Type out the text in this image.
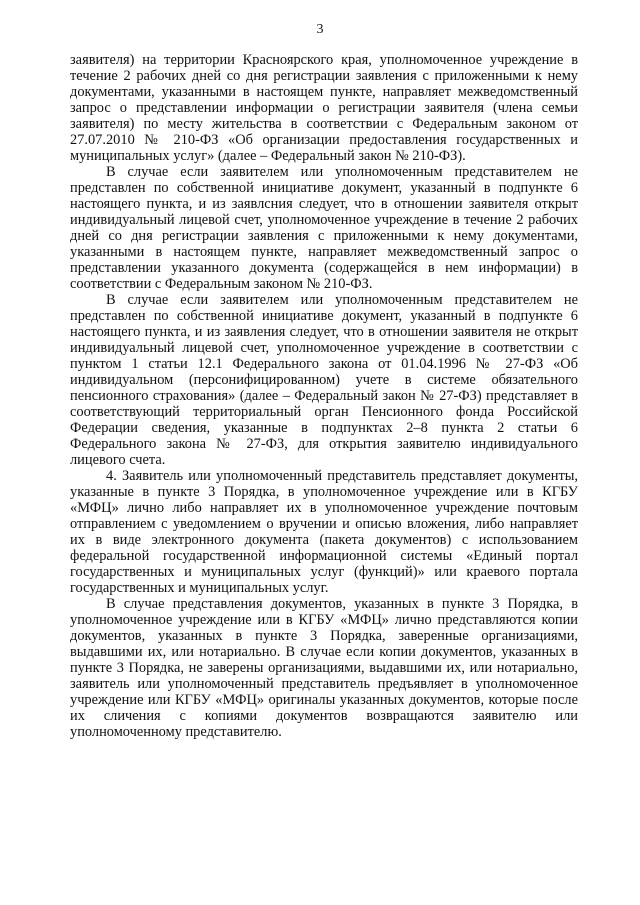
3

заявителя) на территории Красноярского края, уполномоченное учреждение в течение 2 рабочих дней со дня регистрации заявления с приложенными к нему документами, указанными в настоящем пункте, направляет межведомственный запрос о представлении информации о регистрации заявителя (члена семьи заявителя) по месту жительства в соответствии с Федеральным законом от 27.07.2010 № 210-ФЗ «Об организации предоставления государственных и муниципальных услуг» (далее – Федеральный закон № 210-ФЗ).

В случае если заявителем или уполномоченным представителем не представлен по собственной инициативе документ, указанный в подпункте 6 настоящего пункта, и из заявлсния следует, что в отношении заявителя открыт индивидуальный лицевой счет, уполномоченное учреждение в течение 2 рабочих дней со дня регистрации заявления с приложенными к нему документами, указанными в настоящем пункте, направляет межведомственный запрос о представлении указанного документа (содержащейся в нем информации) в соответствии с Федеральным законом № 210-ФЗ.

В случае если заявителем или уполномоченным представителем не представлен по собственной инициативе документ, указанный в подпункте 6 настоящего пункта, и из заявления следует, что в отношении заявителя не открыт индивидуальный лицевой счет, уполномоченное учреждение в соответствии с пунктом 1 статьи 12.1 Федерального закона от 01.04.1996 № 27-ФЗ «Об индивидуальном (персонифицированном) учете в системе обязательного пенсионного страхования» (далее – Федеральный закон № 27-ФЗ) представляет в соответствующий территориальный орган Пенсионного фонда Российской Федерации сведения, указанные в подпунктах 2–8 пункта 2 статьи 6 Федерального закона № 27-ФЗ, для открытия заявителю индивидуального лицевого счета.

4. Заявитель или уполномоченный представитель представляет документы, указанные в пункте 3 Порядка, в уполномоченное учреждение или в КГБУ «МФЦ» лично либо направляет их в уполномоченное учреждение почтовым отправлением с уведомлением о вручении и описью вложения, либо направляет их в виде электронного документа (пакета документов) с использованием федеральной государственной информационной системы «Единый портал государственных и муниципальных услуг (функций)» или краевого портала государственных и муниципальных услуг.

В случае представления документов, указанных в пункте 3 Порядка, в уполномоченное учреждение или в КГБУ «МФЦ» лично представляются копии документов, указанных в пункте 3 Порядка, заверенные организациями, выдавшими их, или нотариально. В случае если копии документов, указанных в пункте 3 Порядка, не заверены организациями, выдавшими их, или нотариально, заявитель или уполномоченный представитель предъявляет в уполномоченное учреждение или КГБУ «МФЦ» оригиналы указанных документов, которые после их сличения с копиями документов возвращаются заявителю или уполномоченному представителю.
